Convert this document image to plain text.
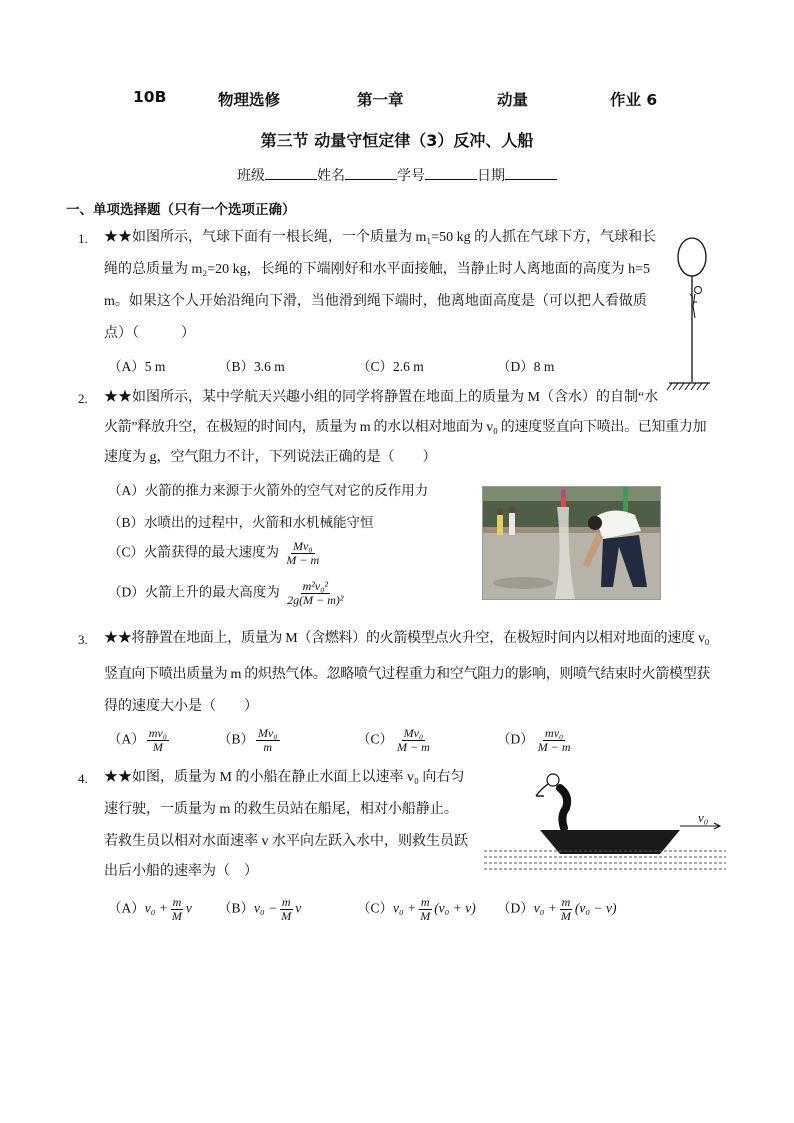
10B	物理选修	第一章	动量	作业 6
第三节 动量守恒定律（3）反冲、人船
班级	姓名	学号	日期
一、单项选择题（只有一个选项正确）
1. ★★如图所示，气球下面有一根长绳，一个质量为 m₁=50 kg 的人抓在气球下方，气球和长
绳的总质量为 m₂=20 kg，长绳的下端刚好和水平面接触，当静止时人离地面的高度为 h=5
m。如果这个人开始沿绳向下滑，当他滑到绳下端时，他离地面高度是（可以把人看做质
点）（　　　）
（A）5 m	（B）3.6 m	（C）2.6 m	（D）8 m
2. ★★如图所示，某中学航天兴趣小组的同学将静置在地面上的质量为 M（含水）的自制“水
火箭”释放升空，在极短的时间内，质量为 m 的水以相对地面为 v₀ 的速度竖直向下喷出。已知重力加
速度为 g，空气阻力不计，下列说法正确的是（　　）
（A）火箭的推力来源于火箭外的空气对它的反作用力
（B）水喷出的过程中，火箭和水机械能守恒
（C）火箭获得的最大速度为 $\frac{\text{Mv₀}}{M - m}$
（D）火箭上升的最大高度为 $\frac{\text{m²v₀²}}{\text{2g(M − m)²}}$
3. ★★将静置在地面上，质量为 M（含燃料）的火箭模型点火升空，在极短时间内以相对地面的速度 v₀
竖直向下喷出质量为 m 的炽热气体。忽略喷气过程重力和空气阻力的影响，则喷气结束时火箭模型获
得的速度大小是（　　）
$(A) \frac{\text{mv₀}}{M}$	$(B) \frac{\text{Mv₀}}{m}$	$(C) \frac{\text{Mv₀}}{M - m}$	$(D) \frac{\text{mv₀}}{M - m}$
4. ★★如图，质量为 M 的小船在静止水面上以速率 v₀ 向右匀
速行驶，一质量为 m 的救生员站在船尾，相对小船静止。
若救生员以相对水面速率 v 水平向左跃入水中，则救生员跃
出后小船的速率为（　）
$(A)v_0 + \frac{m}{M}$ v $(B)v_0 - \frac{m}{M}$ v	$(C)v_0 + \frac{m}{M} (v_0 + v) (D)v_0 + \frac{m}{M} (v_0 - v)$
v₀
